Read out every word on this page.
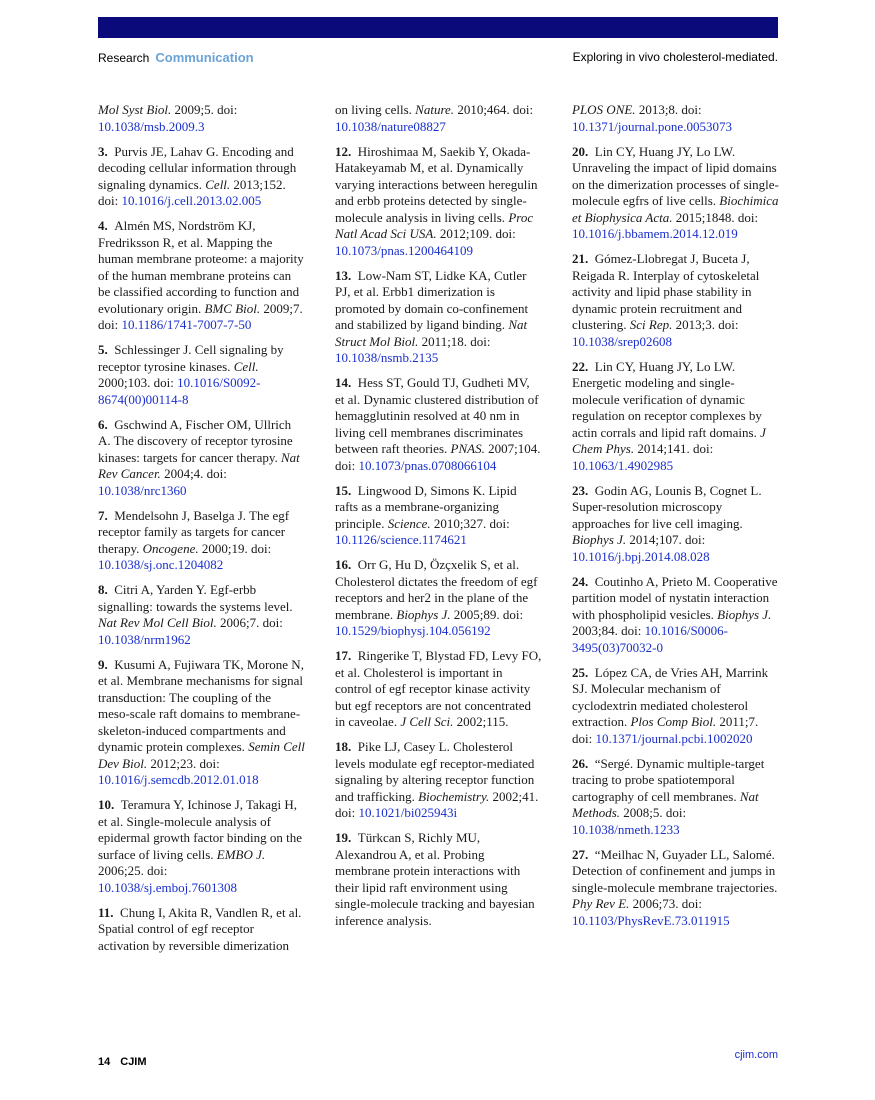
Research Communication	Exploring in vivo cholesterol-mediated.

Mol Syst Biol. 2009;5. doi: 10.1038/msb.2009.3

3.  Purvis JE, Lahav G. Encoding and decoding cellular information through signaling dynamics. Cell. 2013;152. doi: 10.1016/j.cell.2013.02.005

4.  Almén MS, Nordström KJ, Fredriksson R, et al. Mapping the human membrane proteome: a majority of the human membrane proteins can be classified according to function and evolutionary origin. BMC Biol. 2009;7. doi: 10.1186/1741-7007-7-50

5.  Schlessinger J. Cell signaling by receptor tyrosine kinases. Cell. 2000;103. doi: 10.1016/S0092-8674(00)00114-8

6.  Gschwind A, Fischer OM, Ullrich A. The discovery of receptor tyrosine kinases: targets for cancer therapy. Nat Rev Cancer. 2004;4. doi: 10.1038/nrc1360

7.  Mendelsohn J, Baselga J. The egf receptor family as targets for cancer therapy. Oncogene. 2000;19. doi: 10.1038/sj.onc.1204082

8.  Citri A, Yarden Y. Egf-erbb signalling: towards the systems level. Nat Rev Mol Cell Biol. 2006;7. doi: 10.1038/nrm1962

9.  Kusumi A, Fujiwara TK, Morone N, et al. Membrane mechanisms for signal transduction: The coupling of the meso-scale raft domains to membrane-skeleton-induced compartments and dynamic protein complexes. Semin Cell Dev Biol. 2012;23. doi: 10.1016/j.semcdb.2012.01.018

10.  Teramura Y, Ichinose J, Takagi H, et al. Single-molecule analysis of epidermal growth factor binding on the surface of living cells. EMBO J. 2006;25. doi: 10.1038/sj.emboj.7601308

11.  Chung I, Akita R, Vandlen R, et al. Spatial control of egf receptor activation by reversible dimerization

on living cells. Nature. 2010;464. doi: 10.1038/nature08827

12.  Hiroshimaa M, Saekib Y, Okada-Hatakeyamab M, et al. Dynamically varying interactions between heregulin and erbb proteins detected by single-molecule analysis in living cells. Proc Natl Acad Sci USA. 2012;109. doi: 10.1073/pnas.1200464109

13.  Low-Nam ST, Lidke KA, Cutler PJ, et al. Erbb1 dimerization is promoted by domain co-confinement and stabilized by ligand binding. Nat Struct Mol Biol. 2011;18. doi: 10.1038/nsmb.2135

14.  Hess ST, Gould TJ, Gudheti MV, et al. Dynamic clustered distribution of hemagglutinin resolved at 40 nm in living cell membranes discriminates between raft theories. PNAS. 2007;104. doi: 10.1073/pnas.0708066104

15.  Lingwood D, Simons K. Lipid rafts as a membrane-organizing principle. Science. 2010;327. doi: 10.1126/science.1174621

16.  Orr G, Hu D, Özçxelik S, et al. Cholesterol dictates the freedom of egf receptors and her2 in the plane of the membrane. Biophys J. 2005;89. doi: 10.1529/biophysj.104.056192

17.  Ringerike T, Blystad FD, Levy FO, et al. Cholesterol is important in control of egf receptor kinase activity but egf receptors are not concentrated in caveolae. J Cell Sci. 2002;115.

18.  Pike LJ, Casey L. Cholesterol levels modulate egf receptor-mediated signaling by altering receptor function and trafficking. Biochemistry. 2002;41. doi: 10.1021/bi025943i

19.  Türkcan S, Richly MU, Alexandrou A, et al. Probing membrane protein interactions with their lipid raft environment using single-molecule tracking and bayesian inference analysis.

PLOS ONE. 2013;8. doi: 10.1371/journal.pone.0053073

20.  Lin CY, Huang JY, Lo LW. Unraveling the impact of lipid domains on the dimerization processes of single-molecule egfrs of live cells. Biochimica et Biophysica Acta. 2015;1848. doi: 10.1016/j.bbamem.2014.12.019

21.  Gómez-Llobregat J, Buceta J, Reigada R. Interplay of cytoskeletal activity and lipid phase stability in dynamic protein recruitment and clustering. Sci Rep. 2013;3. doi: 10.1038/srep02608

22.  Lin CY, Huang JY, Lo LW. Energetic modeling and single-molecule verification of dynamic regulation on receptor complexes by actin corrals and lipid raft domains. J Chem Phys. 2014;141. doi: 10.1063/1.4902985

23.  Godin AG, Lounis B, Cognet L. Super-resolution microscopy approaches for live cell imaging. Biophys J. 2014;107. doi: 10.1016/j.bpj.2014.08.028

24.  Coutinho A, Prieto M. Cooperative partition model of nystatin interaction with phospholipid vesicles. Biophys J. 2003;84. doi: 10.1016/S0006-3495(03)70032-0

25.  López CA, de Vries AH, Marrink SJ. Molecular mechanism of cyclodextrin mediated cholesterol extraction. Plos Comp Biol. 2011;7. doi: 10.1371/journal.pcbi.1002020

26.  “Sergé. Dynamic multiple-target tracing to probe spatiotemporal cartography of cell membranes. Nat Methods. 2008;5. doi: 10.1038/nmeth.1233

27.  “Meilhac N, Guyader LL, Salomé. Detection of confinement and jumps in single-molecule membrane trajectories. Phy Rev E. 2006;73. doi: 10.1103/PhysRevE.73.011915

14 CJIM
cjim.com
